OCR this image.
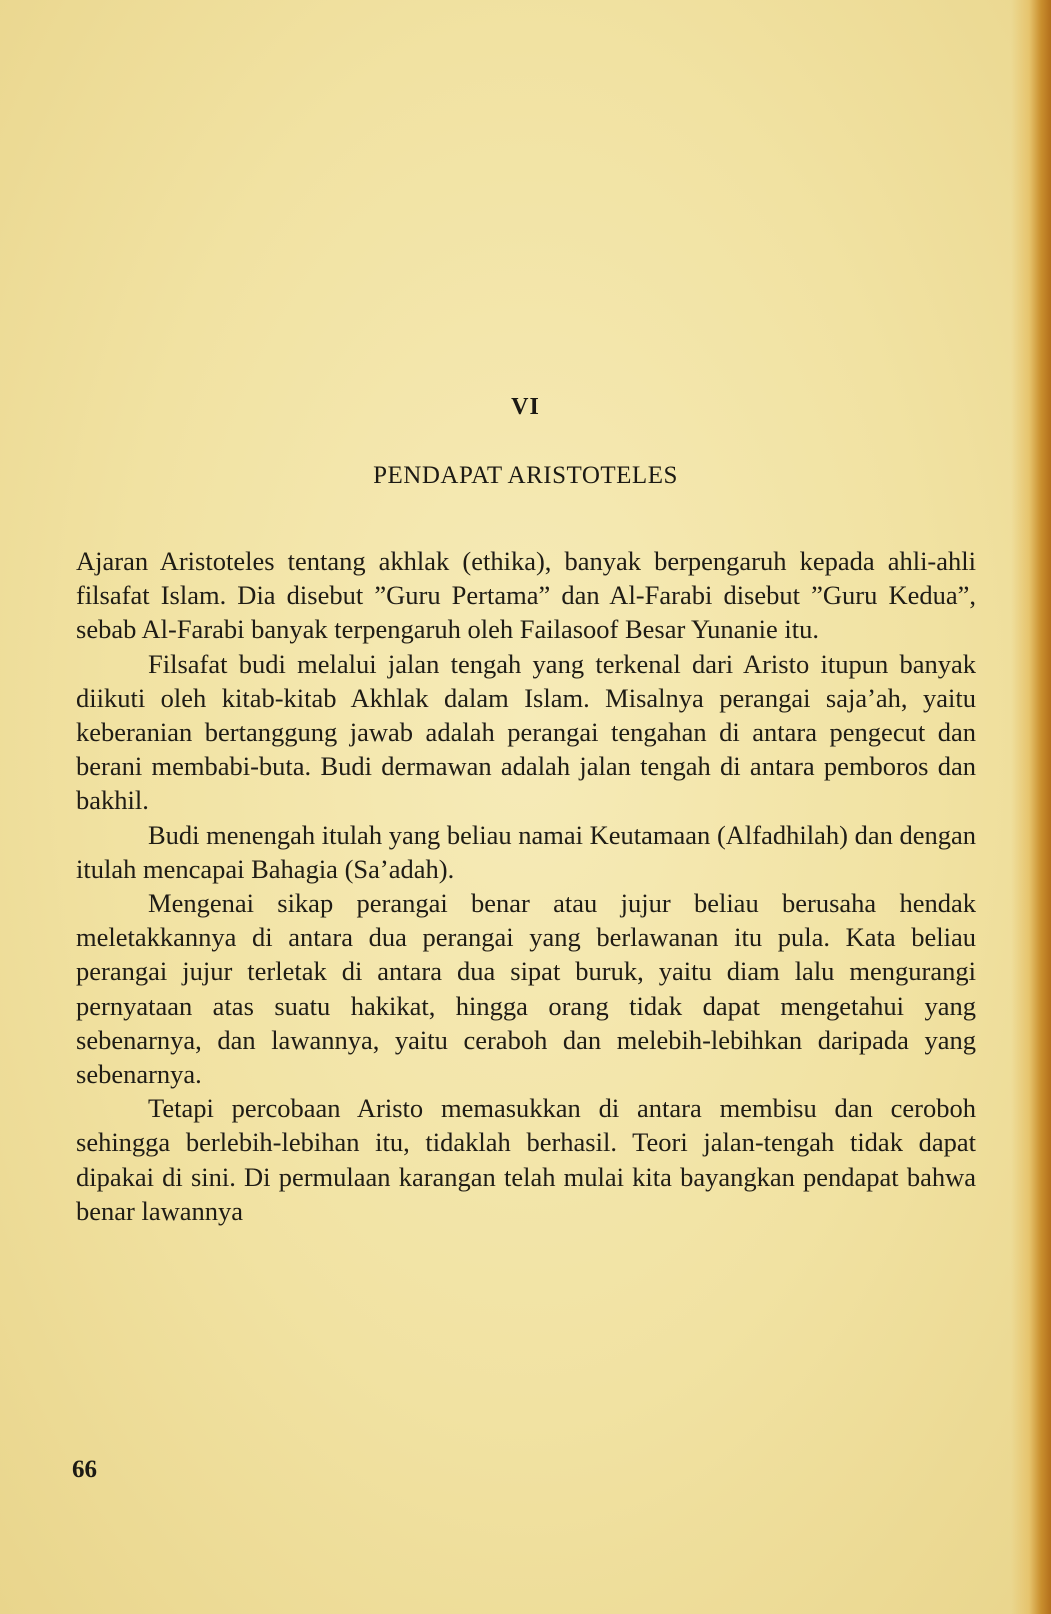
VI
PENDAPAT ARISTOTELES

Ajaran Aristoteles tentang akhlak (ethika), banyak berpengaruh kepada ahli-ahli filsafat Islam. Dia disebut ”Guru Pertama” dan Al-Farabi disebut ”Guru Kedua”, sebab Al-Farabi banyak terpengaruh oleh Failasoof Besar Yunanie itu.

Filsafat budi melalui jalan tengah yang terkenal dari Aristo itupun banyak diikuti oleh kitab-kitab Akhlak dalam Islam. Misalnya perangai saja’ah, yaitu keberanian bertanggung jawab adalah perangai tengahan di antara pengecut dan berani membabi-buta. Budi dermawan adalah jalan tengah di antara pemboros dan bakhil.

Budi menengah itulah yang beliau namai Keutamaan (Alfadhilah) dan dengan itulah mencapai Bahagia (Sa’adah).

Mengenai sikap perangai benar atau jujur beliau berusaha hendak meletakkannya di antara dua perangai yang berlawanan itu pula. Kata beliau perangai jujur terletak di antara dua sipat buruk, yaitu diam lalu mengurangi pernyataan atas suatu hakikat, hingga orang tidak dapat mengetahui yang sebenarnya, dan lawannya, yaitu ceraboh dan melebih-lebihkan daripada yang sebenarnya.

Tetapi percobaan Aristo memasukkan di antara membisu dan ceroboh sehingga berlebih-lebihan itu, tidaklah berhasil. Teori jalan-tengah tidak dapat dipakai di sini. Di permulaan karangan telah mulai kita bayangkan pendapat bahwa benar lawannya

66
